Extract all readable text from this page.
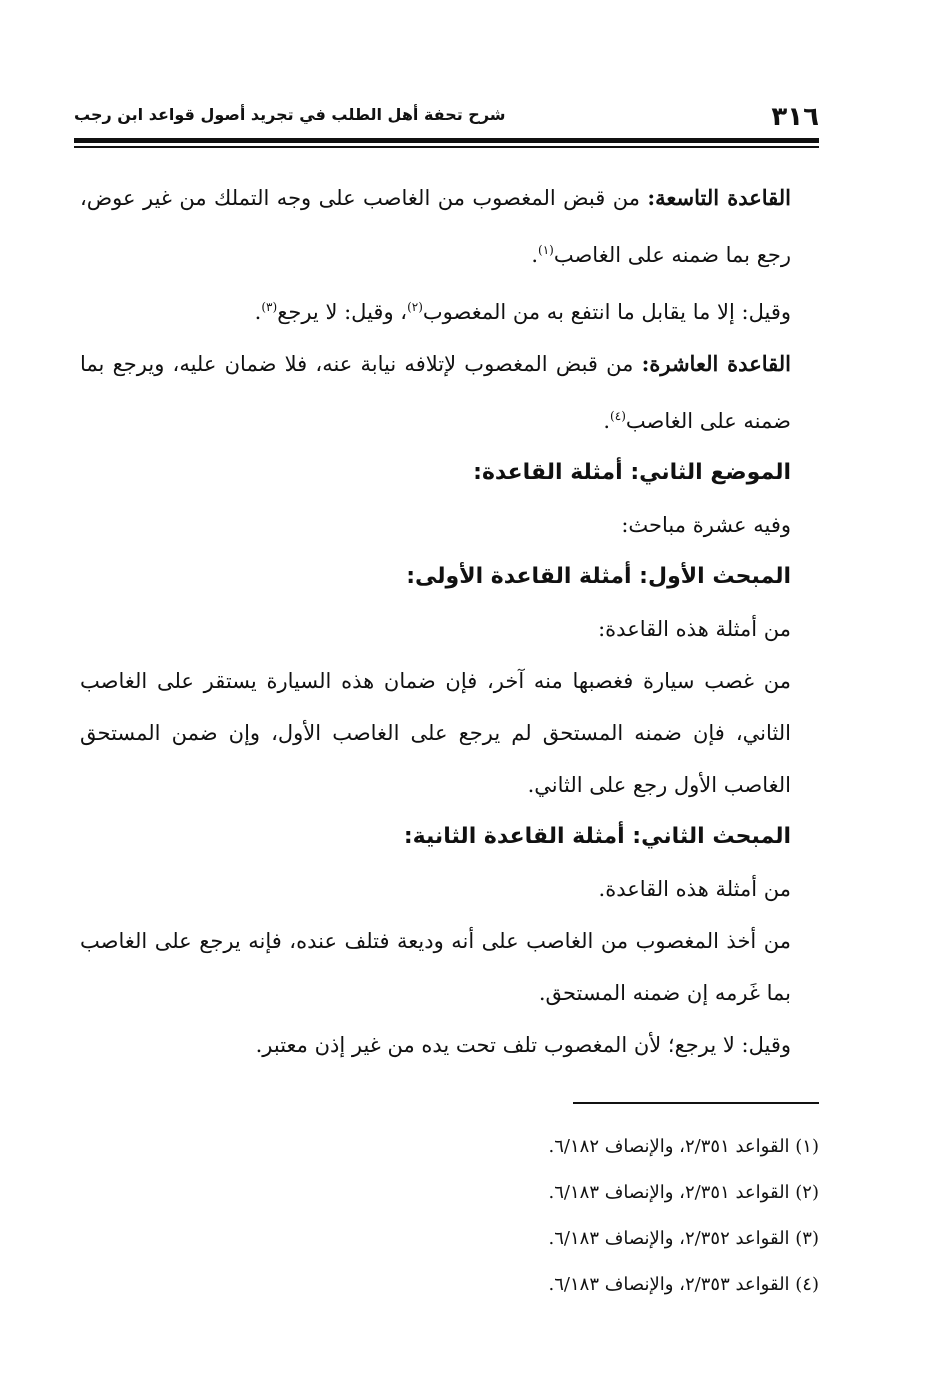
٣١٦
شرح تحفة أهل الطلب في تجريد أصول قواعد ابن رجب

القاعدة التاسعة: من قبض المغصوب من الغاصب على وجه التملك من غير عوض، رجع بما ضمنه على الغاصب$^{(١)}$.

وقيل: إلا ما يقابل ما انتفع به من المغصوب$^{(٢)}$، وقيل: لا يرجع$^{(٣)}$.

القاعدة العاشرة: من قبض المغصوب لإتلافه نيابة عنه، فلا ضمان عليه، ويرجع بما ضمنه على الغاصب$^{(٤)}$.

الموضع الثاني: أمثلة القاعدة:

وفيه عشرة مباحث:

المبحث الأول: أمثلة القاعدة الأولى:

من أمثلة هذه القاعدة:

من غصب سيارة فغصبها منه آخر، فإن ضمان هذه السيارة يستقر على الغاصب الثاني، فإن ضمنه المستحق لم يرجع على الغاصب الأول، وإن ضمن المستحق الغاصب الأول رجع على الثاني.

المبحث الثاني: أمثلة القاعدة الثانية:

من أمثلة هذه القاعدة.

من أخذ المغصوب من الغاصب على أنه وديعة فتلف عنده، فإنه يرجع على الغاصب بما غَرمه إن ضمنه المستحق.

وقيل: لا يرجع؛ لأن المغصوب تلف تحت يده من غير إذن معتبر.

(١) القواعد ٢/٣٥١، والإنصاف ٦/١٨٢.

(٢) القواعد ٢/٣٥١، والإنصاف ٦/١٨٣.

(٣) القواعد ٢/٣٥٢، والإنصاف ٦/١٨٣.

(٤) القواعد ٢/٣٥٣، والإنصاف ٦/١٨٣.
